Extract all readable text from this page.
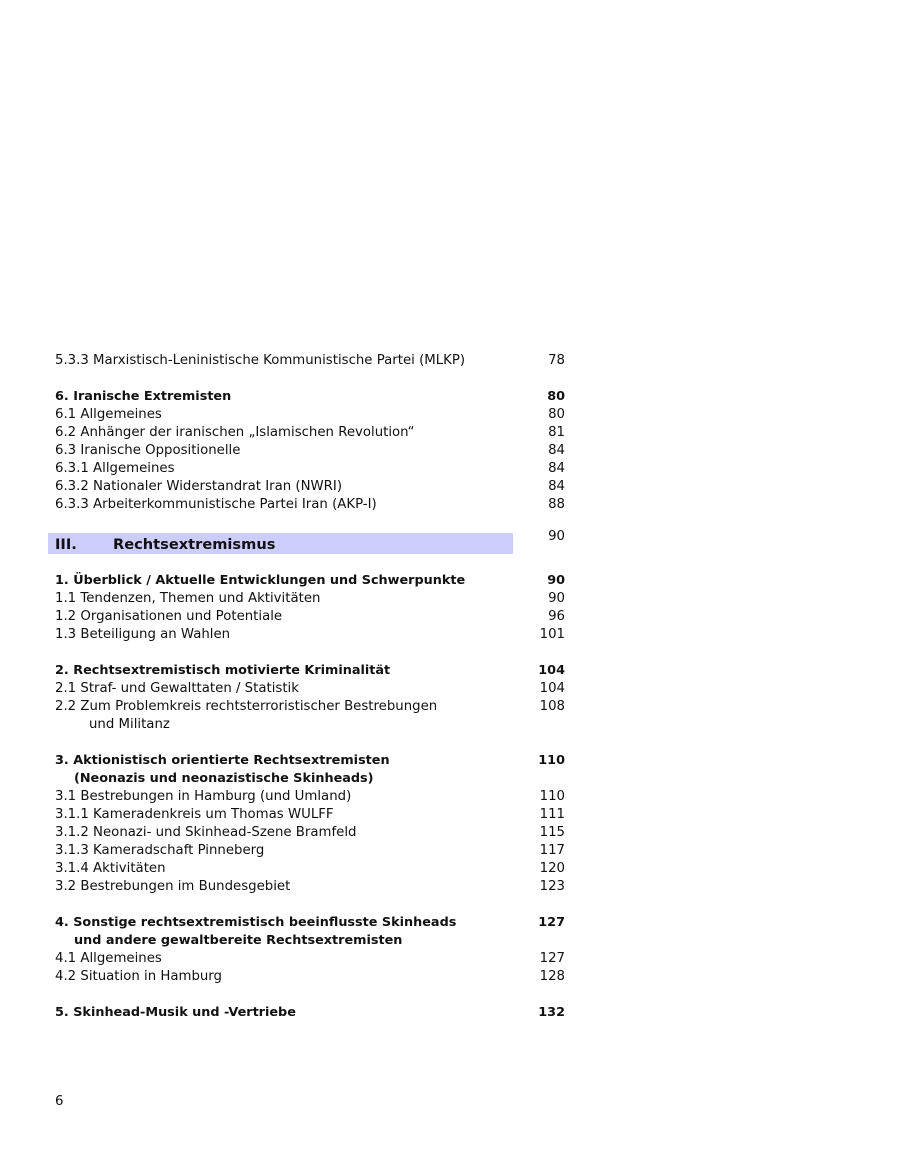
5.3.3 Marxistisch-Leninistische Kommunistische Partei (MLKP)	78
6. Iranische Extremisten	80
6.1 Allgemeines	80
6.2 Anhänger der iranischen „Islamischen Revolution“	81
6.3 Iranische Oppositionelle	84
6.3.1 Allgemeines	84
6.3.2 Nationaler Widerstandrat Iran (NWRI)	84
6.3.3 Arbeiterkommunistische Partei Iran (AKP-I)	88
III. Rechtsextremismus	90
1. Überblick / Aktuelle Entwicklungen und Schwerpunkte	90
1.1 Tendenzen, Themen und Aktivitäten	90
1.2 Organisationen und Potentiale	96
1.3 Beteiligung an Wahlen	101
2. Rechtsextremistisch motivierte Kriminalität	104
2.1 Straf- und Gewalttaten / Statistik	104
2.2 Zum Problemkreis rechtsterroristischer Bestrebungen	108
und Militanz
3. Aktionistisch orientierte Rechtsextremisten	110
(Neonazis und neonazistische Skinheads)
3.1 Bestrebungen in Hamburg (und Umland)	110
3.1.1 Kameradenkreis um Thomas WULFF	111
3.1.2 Neonazi- und Skinhead-Szene Bramfeld	115
3.1.3 Kameradschaft Pinneberg	117
3.1.4 Aktivitäten	120
3.2 Bestrebungen im Bundesgebiet	123
4. Sonstige rechtsextremistisch beeinflusste Skinheads	127
und andere gewaltbereite Rechtsextremisten
4.1 Allgemeines	127
4.2 Situation in Hamburg	128
5. Skinhead-Musik und -Vertriebe	132
6
